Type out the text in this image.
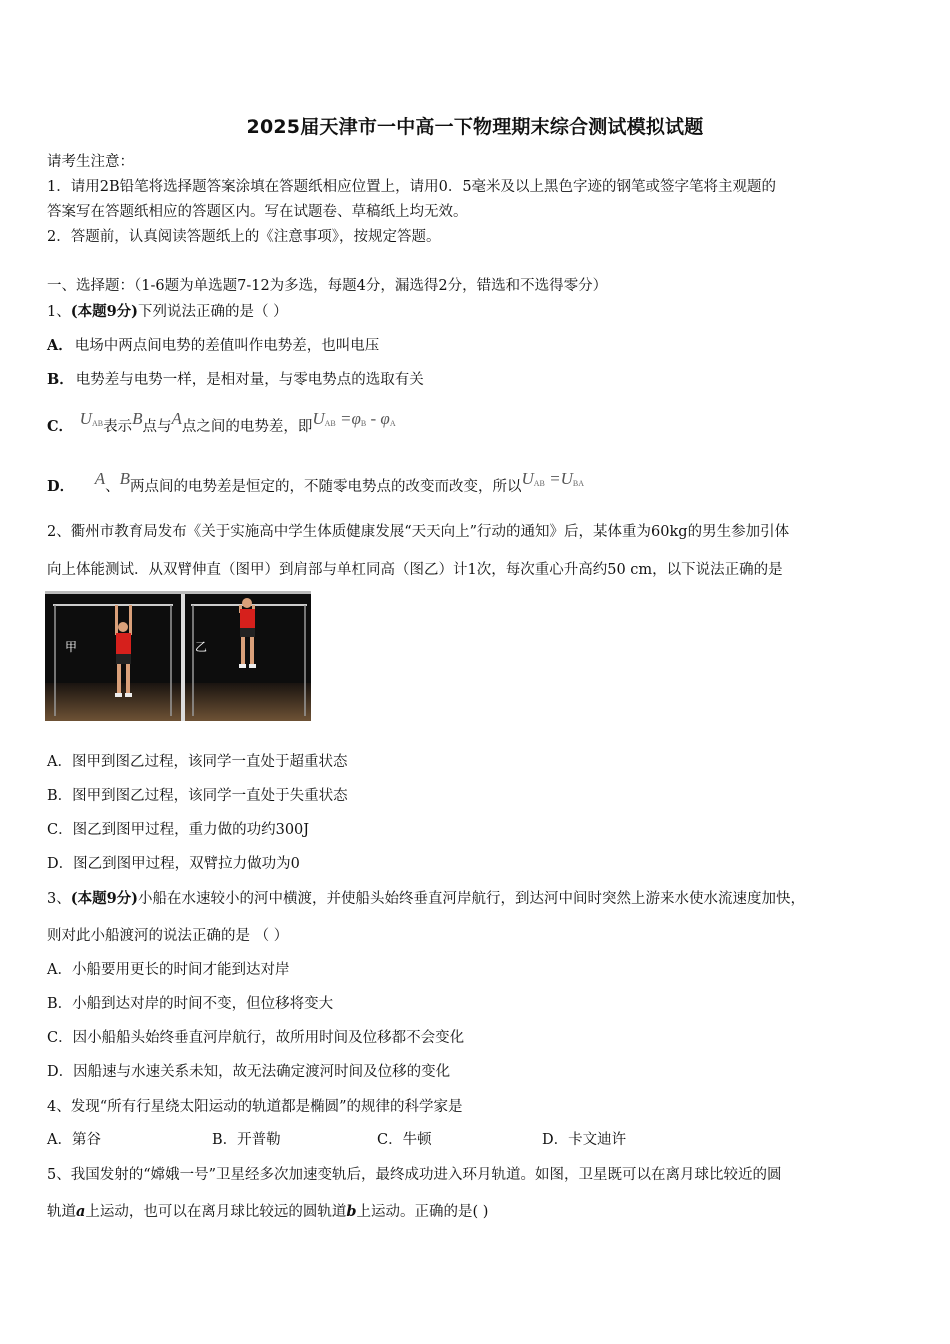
2025届天津市一中高一下物理期末综合测试模拟试题
请考生注意：
1．请用2B铅笔将选择题答案涂填在答题纸相应位置上，请用0．5毫米及以上黑色字迹的钢笔或签字笔将主观题的
答案写在答题纸相应的答题区内。写在试题卷、草稿纸上均无效。
2．答题前，认真阅读答题纸上的《注意事项》，按规定答题。
一、选择题：（1-6题为单选题7-12为多选，每题4分，漏选得2分，错选和不选得零分）
1、(本题9分)下列说法正确的是（ ）
A． 电场中两点间电势的差值叫作电势差，也叫电压
B． 电势差与电势一样，是相对量，与零电势点的选取有关
C． $U_{AB}$表示B点与A点之间的电势差，即$U_{AB} =\varphi_B - \varphi_A$
D． A、B两点间的电势差是恒定的，不随零电势点的改变而改变，所以$U_{AB} =U_{BA}$
2、衢州市教育局发布《关于实施高中学生体质健康发展“天天向上”行动的通知》后，某体重为60kg的男生参加引体
向上体能测试．从双臂伸直（图甲）到肩部与单杠同高（图乙）计1次，每次重心升高约50 cm，以下说法正确的是
甲	乙
A．图甲到图乙过程，该同学一直处于超重状态
B．图甲到图乙过程，该同学一直处于失重状态
C．图乙到图甲过程，重力做的功约300J
D．图乙到图甲过程，双臂拉力做功为0
3、(本题9分)小船在水速较小的河中横渡，并使船头始终垂直河岸航行，到达河中间时突然上游来水使水流速度加快，
则对此小船渡河的说法正确的是 （ ）
A．小船要用更长的时间才能到达对岸
B．小船到达对岸的时间不变，但位移将变大
C．因小船船头始终垂直河岸航行，故所用时间及位移都不会变化
D．因船速与水速关系未知，故无法确定渡河时间及位移的变化
4、发现“所有行星绕太阳运动的轨道都是椭圆”的规律的科学家是
A．第谷	B．开普勒	C．牛顿	D．卡文迪许
5、我国发射的“嫦娥一号”卫星经多次加速变轨后，最终成功进入环月轨道。如图，卫星既可以在离月球比较近的圆
轨道a上运动，也可以在离月球比较远的圆轨道b上运动。正确的是( )
